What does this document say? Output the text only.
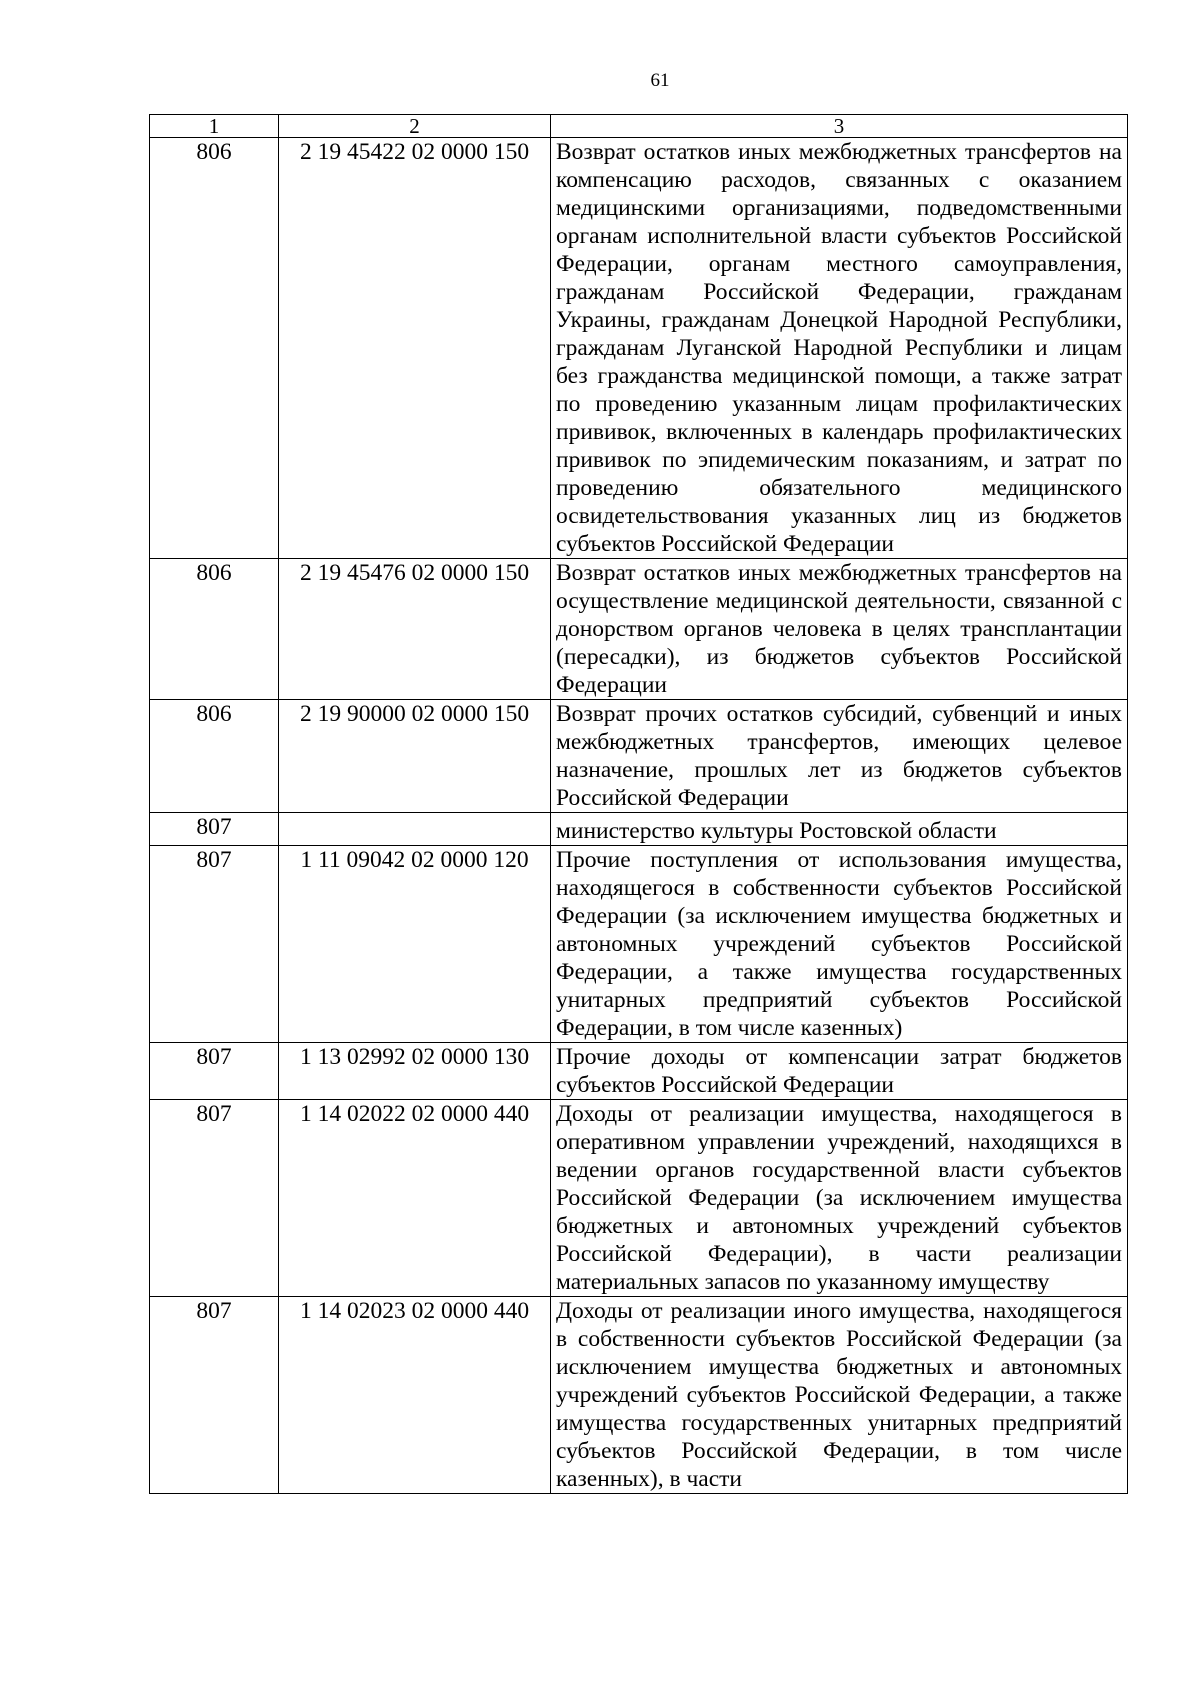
61
1	2	3
806	2 19 45422 02 0000 150	Возврат остатков иных межбюджетных трансфертов на компенсацию расходов, связанных с оказанием медицинскими организациями, подведомственными органам исполнительной власти субъектов Российской Федерации, органам местного самоуправления, гражданам Российской Федерации, гражданам Украины, гражданам Донецкой Народной Республики, гражданам Луганской Народной Республики и лицам без гражданства медицинской помощи, а также затрат по проведению указанным лицам профилактических прививок, включенных в календарь профилактических прививок по эпидемическим показаниям, и затрат по проведению обязательного медицинского освидетельствования указанных лиц из бюджетов субъектов Российской Федерации
806	2 19 45476 02 0000 150	Возврат остатков иных межбюджетных трансфертов на осуществление медицинской деятельности, связанной с донорством органов человека в целях трансплантации (пересадки), из бюджетов субъектов Российской Федерации
806	2 19 90000 02 0000 150	Возврат прочих остатков субсидий, субвенций и иных межбюджетных трансфертов, имеющих целевое назначение, прошлых лет из бюджетов субъектов Российской Федерации
807		министерство культуры Ростовской области
807	1 11 09042 02 0000 120	Прочие поступления от использования имущества, находящегося в собственности субъектов Российской Федерации (за исключением имущества бюджетных и автономных учреждений субъектов Российской Федерации, а также имущества государственных унитарных предприятий субъектов Российской Федерации, в том числе казенных)
807	1 13 02992 02 0000 130	Прочие доходы от компенсации затрат бюджетов субъектов Российской Федерации
807	1 14 02022 02 0000 440	Доходы от реализации имущества, находящегося в оперативном управлении учреждений, находящихся в ведении органов государственной власти субъектов Российской Федерации (за исключением имущества бюджетных и автономных учреждений субъектов Российской Федерации), в части реализации материальных запасов по указанному имуществу
807	1 14 02023 02 0000 440	Доходы от реализации иного имущества, находящегося в собственности субъектов Российской Федерации (за исключением имущества бюджетных и автономных учреждений субъектов Российской Федерации, а также имущества государственных унитарных предприятий субъектов Российской Федерации, в том числе казенных), в части
